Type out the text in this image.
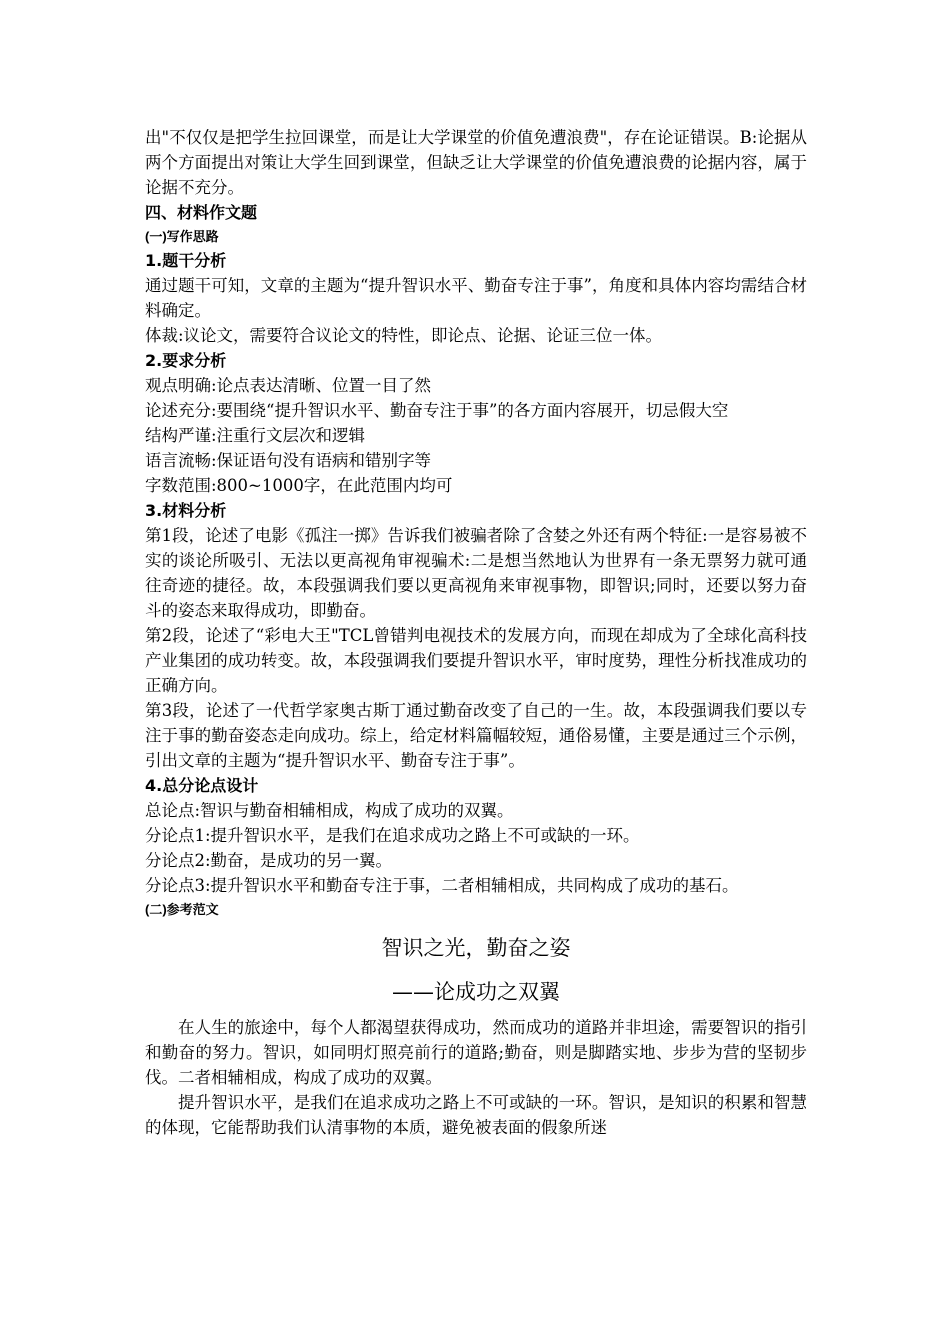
出"不仅仅是把学生拉回课堂，而是让大学课堂的价值免遭浪费"，存在论证错误。B:论据从两个方面提出对策让大学生回到课堂，但缺乏让大学课堂的价值免遭浪费的论据内容，属于论据不充分。

四、材料作文题

(一)写作思路

1.题干分析

通过题干可知，文章的主题为“提升智识水平、勤奋专注于事”，角度和具体内容均需结合材料确定。

体裁:议论文，需要符合议论文的特性，即论点、论据、论证三位一体。

2.要求分析

观点明确:论点表达清晰、位置一目了然

论述充分:要围绕“提升智识水平、勤奋专注于事”的各方面内容展开，切忌假大空

结构严谨:注重行文层次和逻辑

语言流畅:保证语句没有语病和错别字等

字数范围:800~1000字，在此范围内均可

3.材料分析

第1段，论述了电影《孤注一掷》告诉我们被骗者除了含婪之外还有两个特征:一是容易被不实的谈论所吸引、无法以更高视角审视骗术:二是想当然地认为世界有一条无票努力就可通往奇迹的捷径。故，本段强调我们要以更高视角来审视事物，即智识;同时，还要以努力奋斗的姿态来取得成功，即勤奋。

第2段，论述了“彩电大王"TCL曾错判电视技术的发展方向，而现在却成为了全球化高科技产业集团的成功转变。故，本段强调我们要提升智识水平，审时度势，理性分析找准成功的正确方向。

第3段，论述了一代哲学家奥古斯丁通过勤奋改变了自己的一生。故，本段强调我们要以专注于事的勤奋姿态走向成功。综上，给定材料篇幅较短，通俗易懂，主要是通过三个示例，引出文章的主题为“提升智识水平、勤奋专注于事”。

4.总分论点设计

总论点:智识与勤奋相辅相成，构成了成功的双翼。

分论点1:提升智识水平，是我们在追求成功之路上不可或缺的一环。

分论点2:勤奋，是成功的另一翼。

分论点3:提升智识水平和勤奋专注于事，二者相辅相成，共同构成了成功的基石。

(二)参考范文

智识之光，勤奋之姿

——论成功之双翼

在人生的旅途中，每个人都渴望获得成功，然而成功的道路并非坦途，需要智识的指引和勤奋的努力。智识，如同明灯照亮前行的道路;勤奋，则是脚踏实地、步步为营的坚韧步伐。二者相辅相成，构成了成功的双翼。

提升智识水平，是我们在追求成功之路上不可或缺的一环。智识，是知识的积累和智慧的体现，它能帮助我们认清事物的本质，避免被表面的假象所迷
